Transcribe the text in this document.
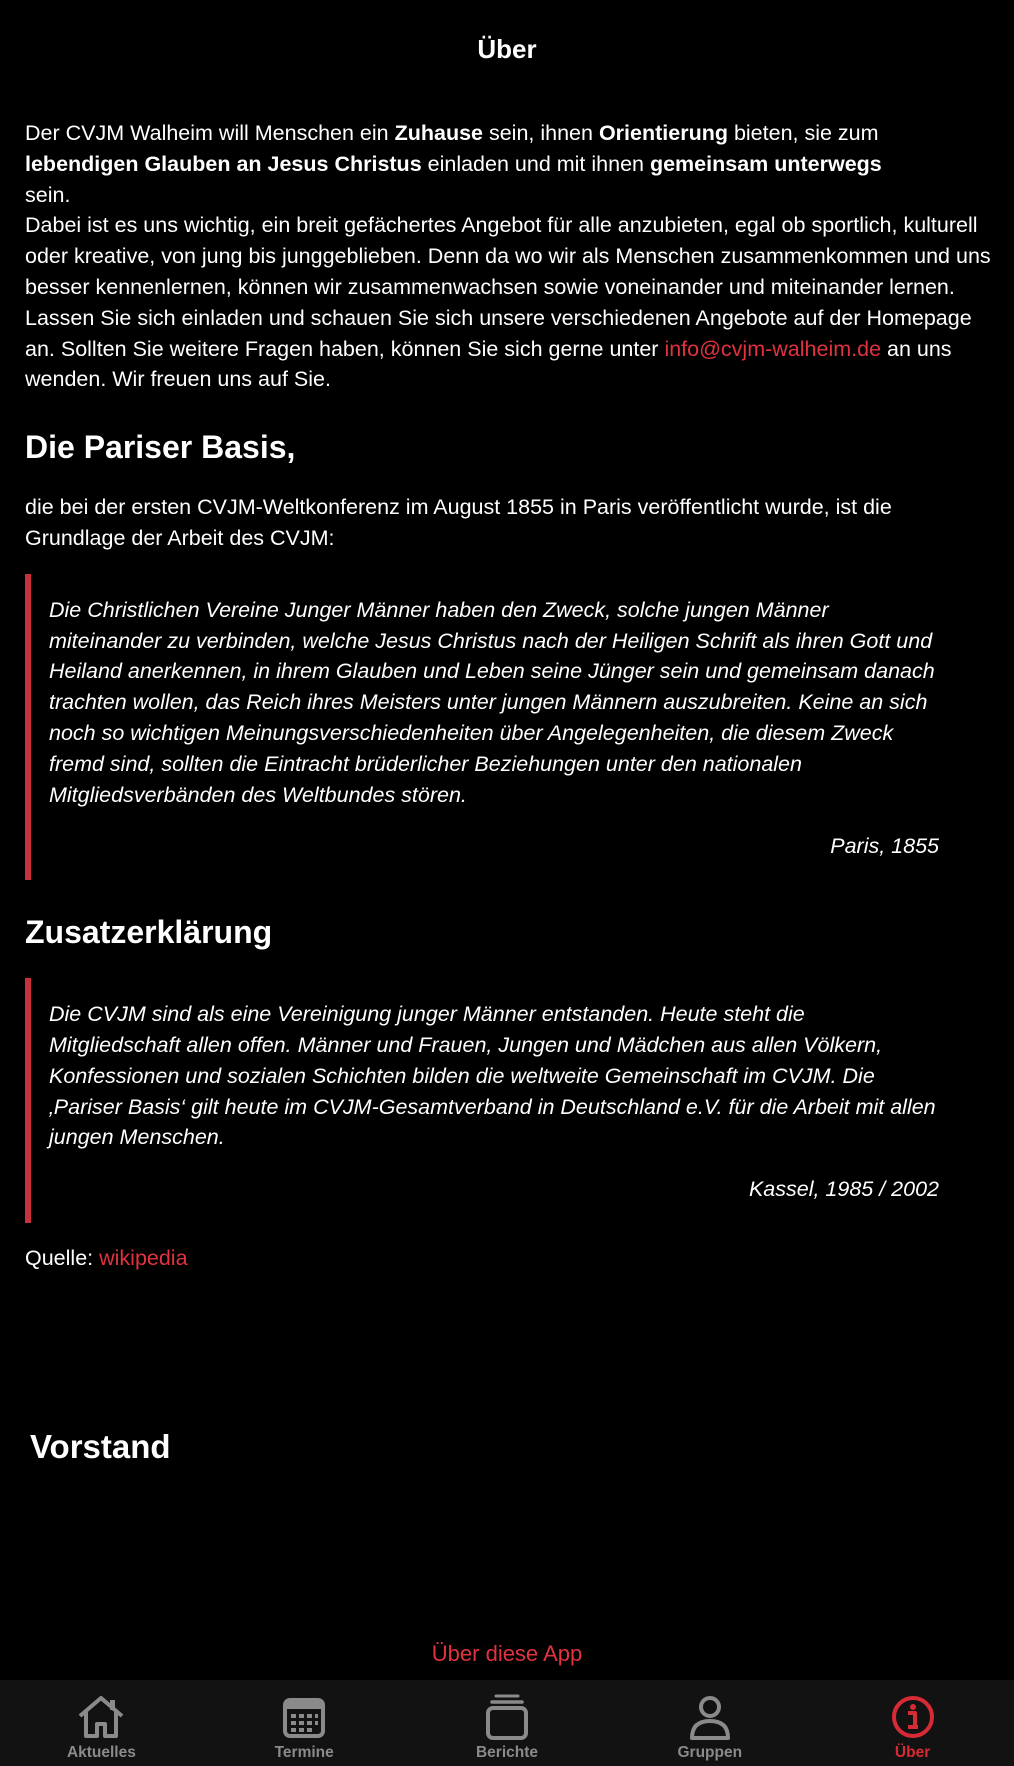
Über

Der CVJM Walheim will Menschen ein Zuhause sein, ihnen Orientierung bieten, sie zum
lebendigen Glauben an Jesus Christus einladen und mit ihnen gemeinsam unterwegs
sein.

Dabei ist es uns wichtig, ein breit gefächertes Angebot für alle anzubieten, egal ob sportlich, kulturell oder kreative, von jung bis junggeblieben. Denn da wo wir als Menschen zusammenkommen und uns besser kennenlernen, können wir zusammenwachsen sowie voneinander und miteinander lernen.

Lassen Sie sich einladen und schauen Sie sich unsere verschiedenen Angebote auf der Homepage an. Sollten Sie weitere Fragen haben, können Sie sich gerne unter info@cvjm-walheim.de an uns wenden. Wir freuen uns auf Sie.

Die Pariser Basis,

die bei der ersten CVJM-Weltkonferenz im August 1855 in Paris veröffentlicht wurde, ist die Grundlage der Arbeit des CVJM:

Die Christlichen Vereine Junger Männer haben den Zweck, solche jungen Männer miteinander zu verbinden, welche Jesus Christus nach der Heiligen Schrift als ihren Gott und Heiland anerkennen, in ihrem Glauben und Leben seine Jünger sein und gemeinsam danach trachten wollen, das Reich ihres Meisters unter jungen Männern auszubreiten. Keine an sich noch so wichtigen Meinungsverschiedenheiten über Angelegenheiten, die diesem Zweck fremd sind, sollten die Eintracht brüderlicher Beziehungen unter den nationalen Mitgliedsverbänden des Weltbundes stören.

Paris, 1855
Zusatzerklärung

Die CVJM sind als eine Vereinigung junger Männer entstanden. Heute steht die Mitgliedschaft allen offen. Männer und Frauen, Jungen und Mädchen aus allen Völkern, Konfessionen und sozialen Schichten bilden die weltweite Gemeinschaft im CVJM. Die ‚Pariser Basis‘ gilt heute im CVJM-Gesamtverband in Deutschland e.V. für die Arbeit mit allen jungen Menschen.

Kassel, 1985 / 2002

Quelle: wikipedia

Vorstand
Über diese App
Aktuelles	Termine	Berichte	Gruppen	Über
